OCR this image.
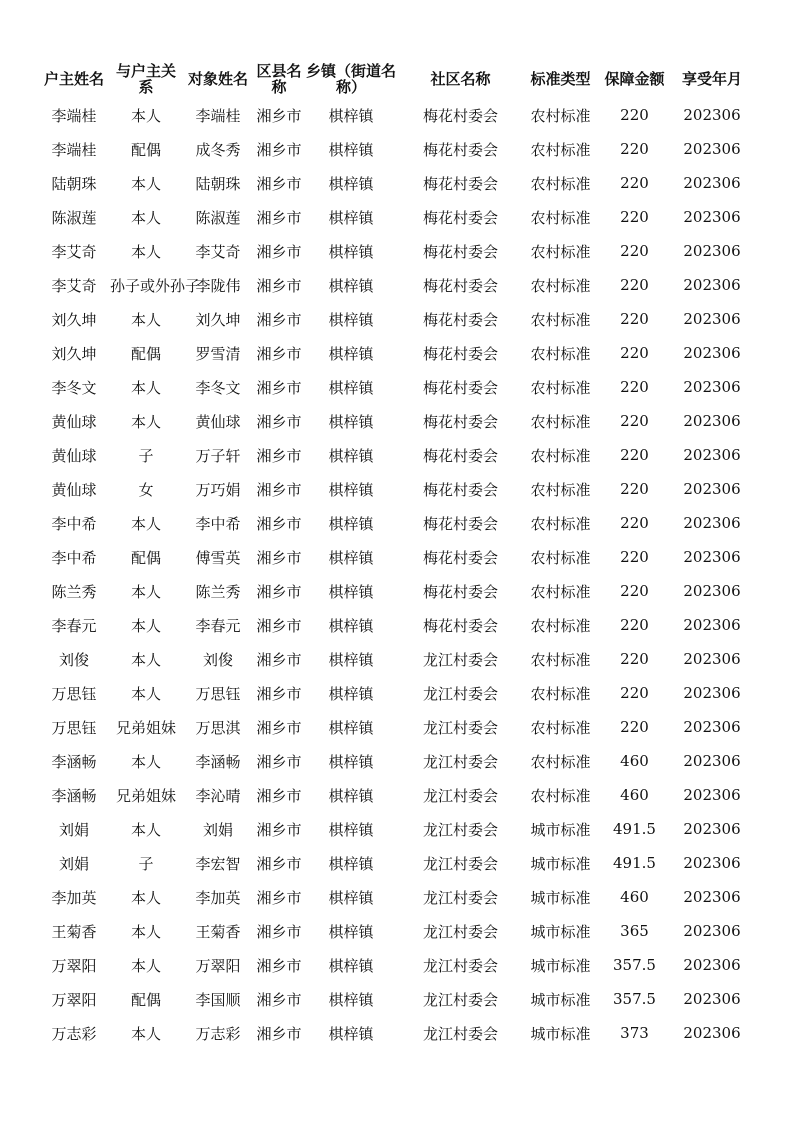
户主姓名	与户主关系	对象姓名	区县名称	乡镇（街道名称）	社区名称	标准类型	保障金额	享受年月
李端桂	本人	李端桂	湘乡市	棋梓镇	梅花村委会	农村标准	220	202306
李端桂	配偶	成冬秀	湘乡市	棋梓镇	梅花村委会	农村标准	220	202306
陆朝珠	本人	陆朝珠	湘乡市	棋梓镇	梅花村委会	农村标准	220	202306
陈淑莲	本人	陈淑莲	湘乡市	棋梓镇	梅花村委会	农村标准	220	202306
李艾奇	本人	李艾奇	湘乡市	棋梓镇	梅花村委会	农村标准	220	202306
李艾奇	孙子或外孙子	李陇伟	湘乡市	棋梓镇	梅花村委会	农村标准	220	202306
刘久坤	本人	刘久坤	湘乡市	棋梓镇	梅花村委会	农村标准	220	202306
刘久坤	配偶	罗雪清	湘乡市	棋梓镇	梅花村委会	农村标准	220	202306
李冬文	本人	李冬文	湘乡市	棋梓镇	梅花村委会	农村标准	220	202306
黄仙球	本人	黄仙球	湘乡市	棋梓镇	梅花村委会	农村标准	220	202306
黄仙球	子	万子轩	湘乡市	棋梓镇	梅花村委会	农村标准	220	202306
黄仙球	女	万巧娟	湘乡市	棋梓镇	梅花村委会	农村标准	220	202306
李中希	本人	李中希	湘乡市	棋梓镇	梅花村委会	农村标准	220	202306
李中希	配偶	傅雪英	湘乡市	棋梓镇	梅花村委会	农村标准	220	202306
陈兰秀	本人	陈兰秀	湘乡市	棋梓镇	梅花村委会	农村标准	220	202306
李春元	本人	李春元	湘乡市	棋梓镇	梅花村委会	农村标准	220	202306
刘俊	本人	刘俊	湘乡市	棋梓镇	龙江村委会	农村标准	220	202306
万思钰	本人	万思钰	湘乡市	棋梓镇	龙江村委会	农村标准	220	202306
万思钰	兄弟姐妹	万思淇	湘乡市	棋梓镇	龙江村委会	农村标准	220	202306
李涵畅	本人	李涵畅	湘乡市	棋梓镇	龙江村委会	农村标准	460	202306
李涵畅	兄弟姐妹	李沁晴	湘乡市	棋梓镇	龙江村委会	农村标准	460	202306
刘娟	本人	刘娟	湘乡市	棋梓镇	龙江村委会	城市标准	491.5	202306
刘娟	子	李宏智	湘乡市	棋梓镇	龙江村委会	城市标准	491.5	202306
李加英	本人	李加英	湘乡市	棋梓镇	龙江村委会	城市标准	460	202306
王菊香	本人	王菊香	湘乡市	棋梓镇	龙江村委会	城市标准	365	202306
万翠阳	本人	万翠阳	湘乡市	棋梓镇	龙江村委会	城市标准	357.5	202306
万翠阳	配偶	李国顺	湘乡市	棋梓镇	龙江村委会	城市标准	357.5	202306
万志彩	本人	万志彩	湘乡市	棋梓镇	龙江村委会	城市标准	373	202306
